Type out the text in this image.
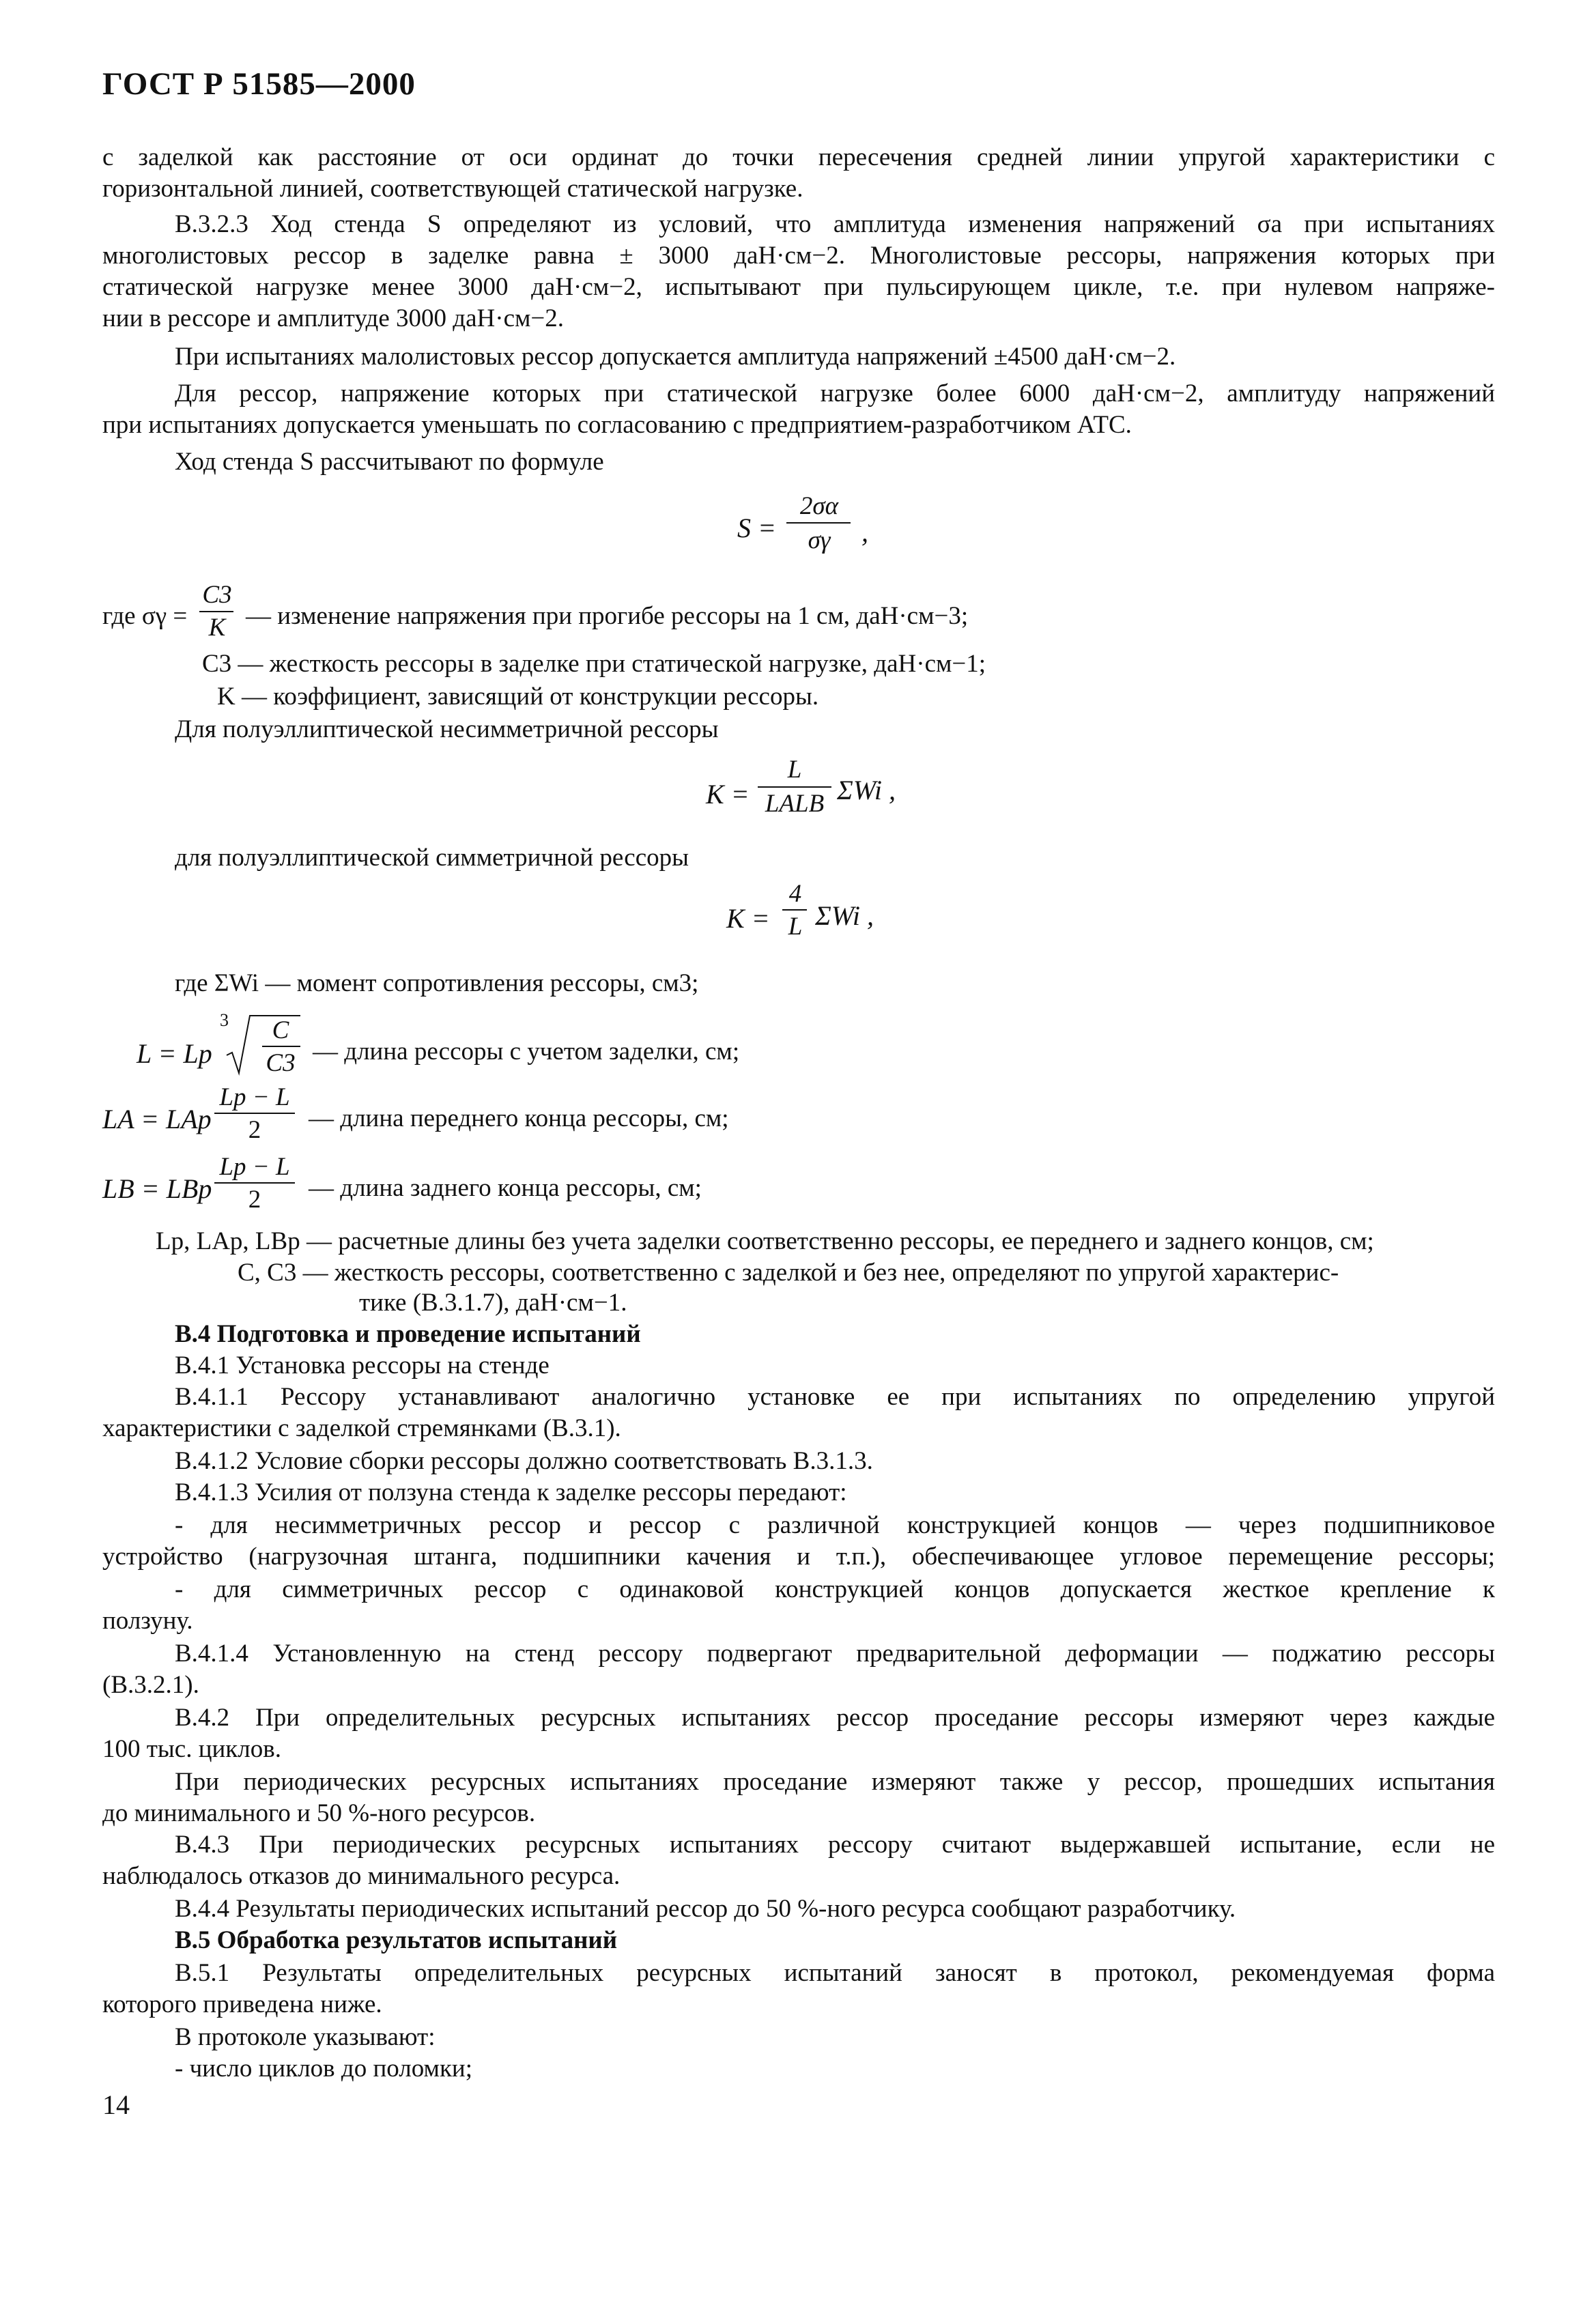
ГОСТ Р 51585—2000
с заделкой как расстояние от оси ординат до точки пересечения средней линии упругой характеристики с
горизонтальной линией, соответствующей статической нагрузке.
В.3.2.3 Ход стенда S определяют из условий, что амплитуда изменения напряжений σa при испытаниях
многолистовых рессор в заделке равна ± 3000 даН·см−2. Многолистовые рессоры, напряжения которых при
статической нагрузке менее 3000 даН·см−2, испытывают при пульсирующем цикле, т.е. при нулевом напряже-
нии в рессоре и амплитуде 3000 даН·см−2.
При испытаниях малолистовых рессор допускается амплитуда напряжений ±4500 даН·см−2.
Для рессор, напряжение которых при статической нагрузке более 6000 даН·см−2, амплитуду напряжений
при испытаниях допускается уменьшать по согласованию с предприятием-разработчиком АТС.
Ход стенда S рассчитывают по формуле
S =
2σα
σγ	,
где σγ =
C3
K — изменение напряжения при прогибе рессоры на 1 см, даН·см−3;
C3 — жесткость рессоры в заделке при статической нагрузке, даН·см−1;
K — коэффициент, зависящий от конструкции рессоры.
Для полуэллиптической несимметричной рессоры
K =
L
LALB ΣWi ,
для полуэллиптической симметричной рессоры
K =
4
L ΣWi ,
где ΣWi — момент сопротивления рессоры, см3;
L = Lp
3	C
C3 — длина рессоры с учетом заделки, см;
LA = LAp
Lp − L
2	— длина переднего конца рессоры, см;
LB = LBp
Lp − L
2	— длина заднего конца рессоры, см;
Lp, LAp, LBp — расчетные длины без учета заделки соответственно рессоры, ее переднего и заднего концов, см;
C, C3 — жесткость рессоры, соответственно с заделкой и без нее, определяют по упругой характерис-
тике (В.3.1.7), даН·см−1.
В.4 Подготовка и проведение испытаний
В.4.1 Установка рессоры на стенде
В.4.1.1 Рессору устанавливают аналогично установке ее при испытаниях по определению упругой
характеристики с заделкой стремянками (В.3.1).
В.4.1.2 Условие сборки рессоры должно соответствовать В.3.1.3.
В.4.1.3 Усилия от ползуна стенда к заделке рессоры передают:
- для несимметричных рессор и рессор с различной конструкцией концов — через подшипниковое
устройство (нагрузочная штанга, подшипники качения и т.п.), обеспечивающее угловое перемещение рессоры;
- для симметричных рессор с одинаковой конструкцией концов допускается жесткое крепление к
ползуну.
В.4.1.4 Установленную на стенд рессору подвергают предварительной деформации — поджатию рессоры
(В.3.2.1).
В.4.2 При определительных ресурсных испытаниях рессор проседание рессоры измеряют через каждые
100 тыс. циклов.
При периодических ресурсных испытаниях проседание измеряют также у рессор, прошедших испытания
до минимального и 50 %-ного ресурсов.
В.4.3 При периодических ресурсных испытаниях рессору считают выдержавшей испытание, если не
наблюдалось отказов до минимального ресурса.
В.4.4 Результаты периодических испытаний рессор до 50 %-ного ресурса сообщают разработчику.
В.5 Обработка результатов испытаний
В.5.1 Результаты определительных ресурсных испытаний заносят в протокол, рекомендуемая форма
которого приведена ниже.
В протоколе указывают:
- число циклов до поломки;
14
